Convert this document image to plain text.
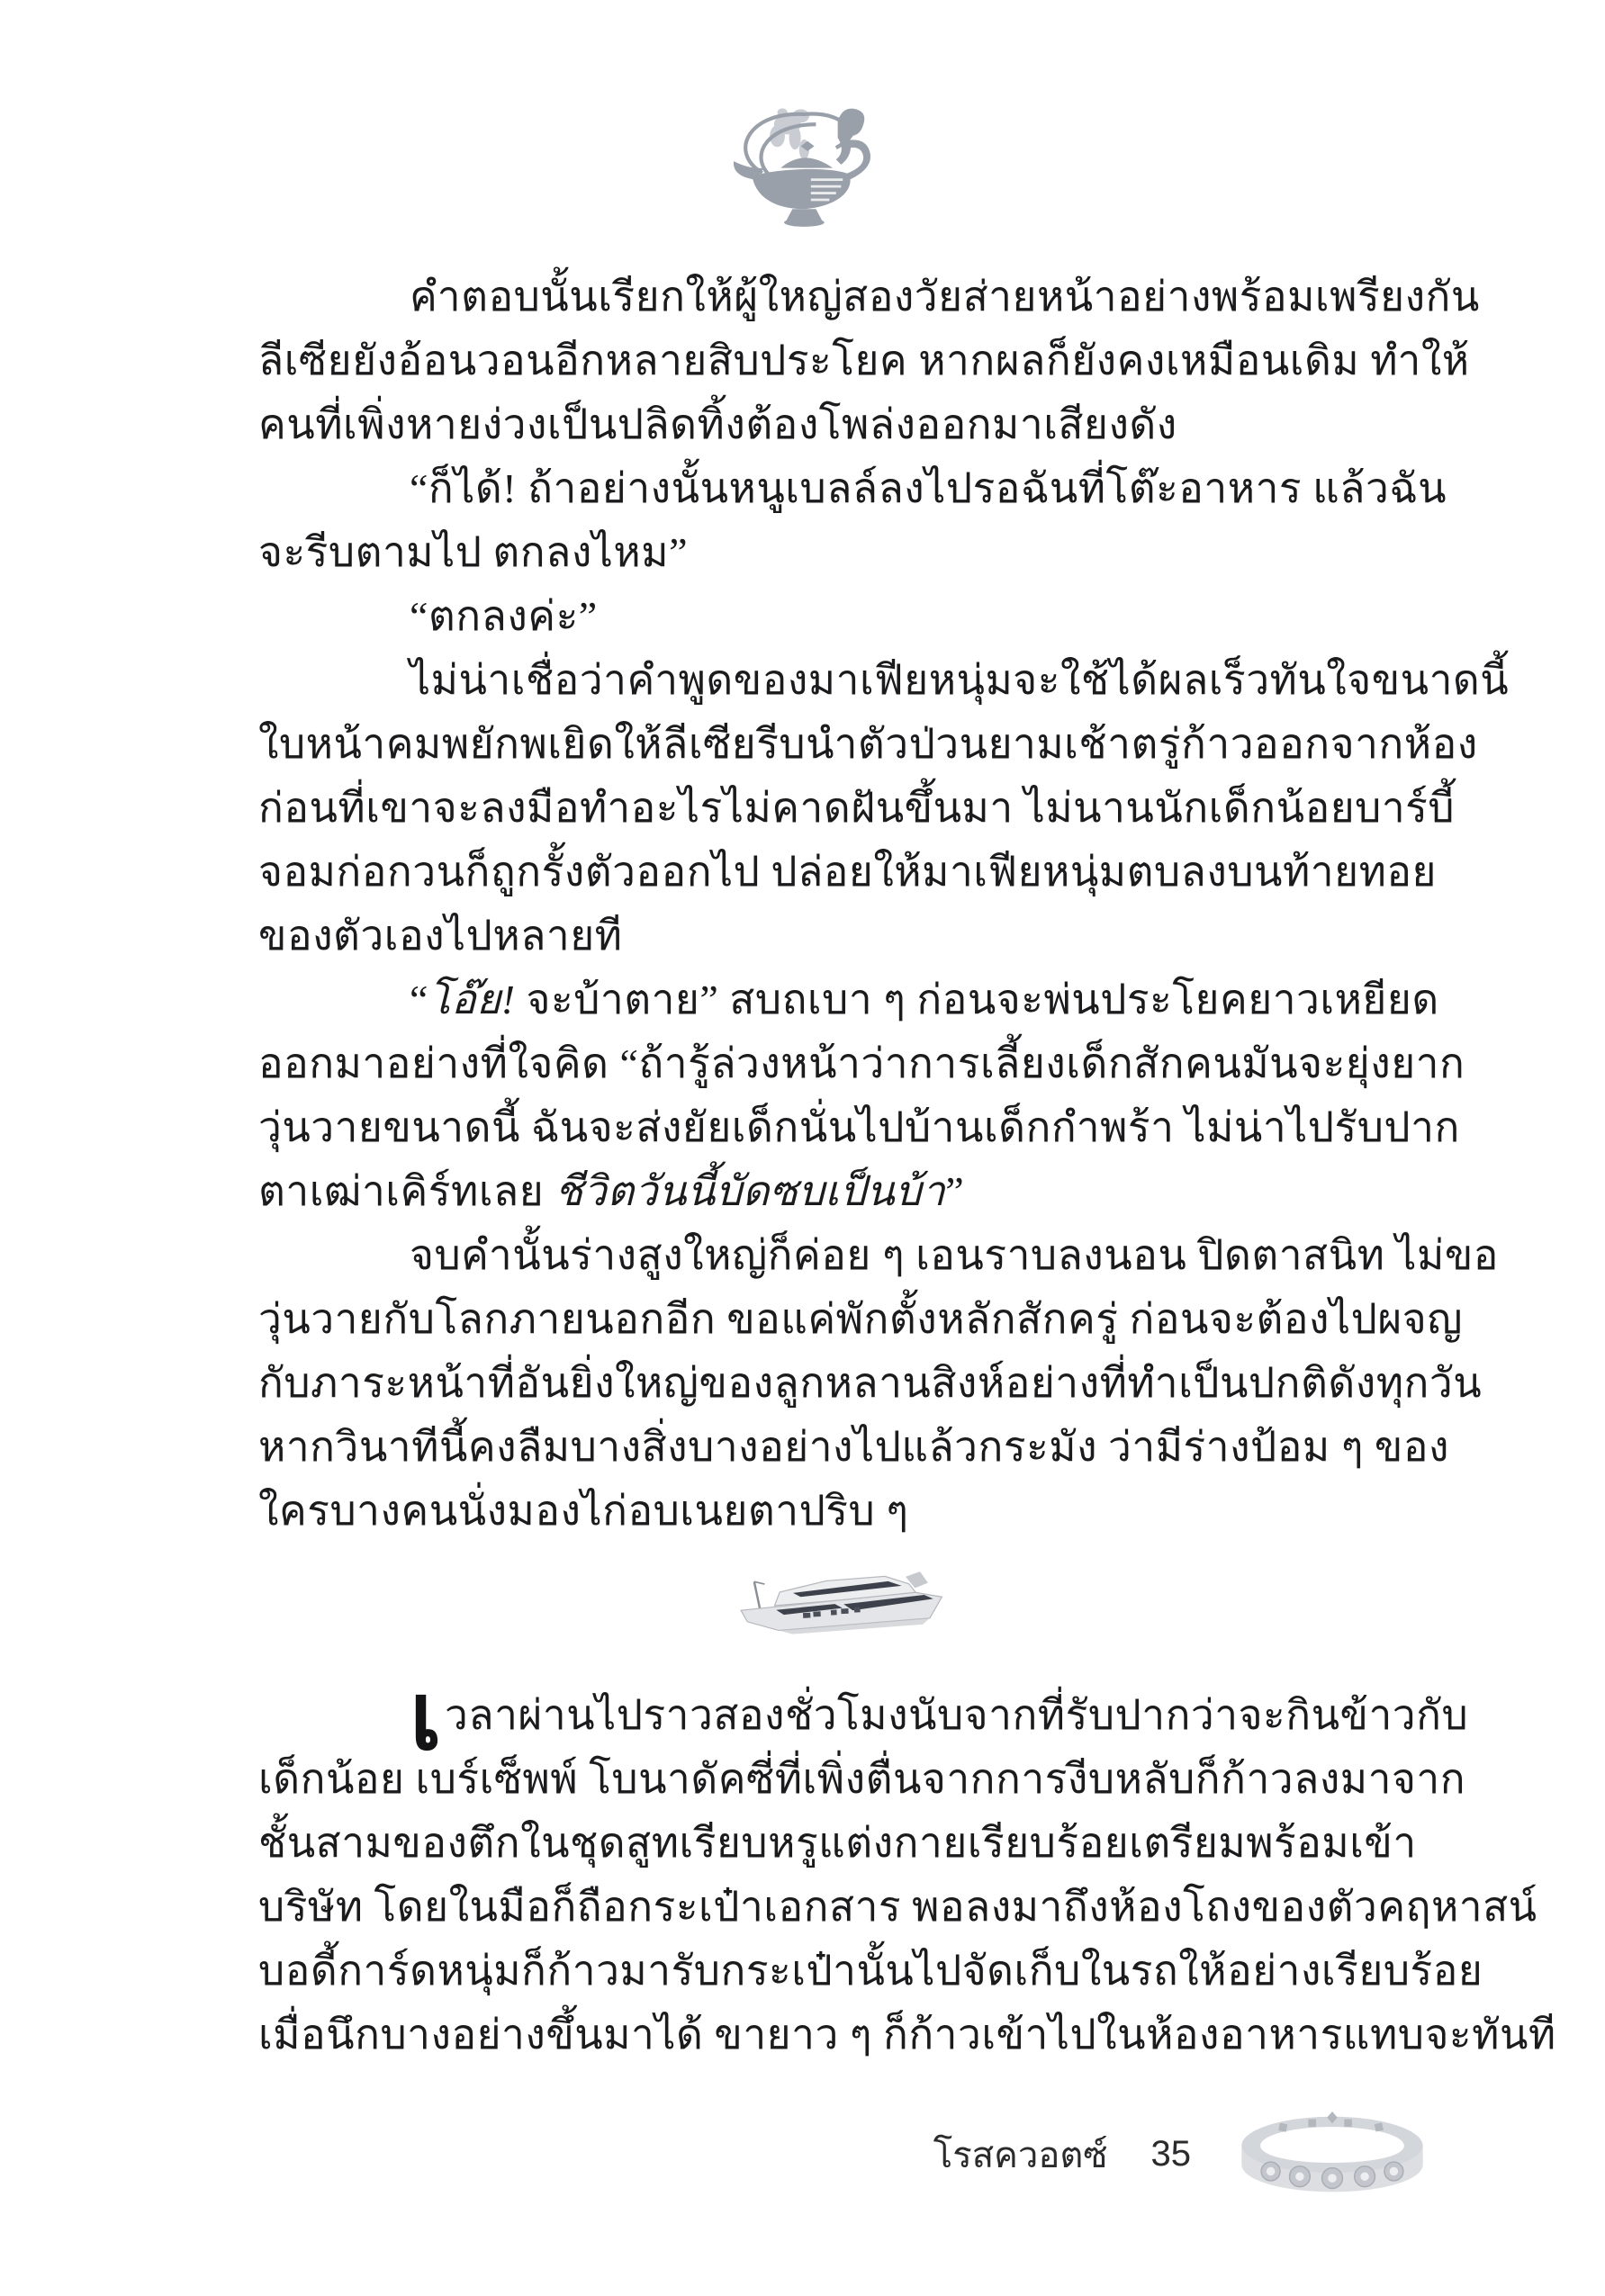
คำตอบนั้นเรียกให้ผู้ใหญ่สองวัยส่ายหน้าอย่างพร้อมเพรียงกัน
ลีเซียยังอ้อนวอนอีกหลายสิบประโยค หากผลก็ยังคงเหมือนเดิม ทำให้
คนที่เพิ่งหายง่วงเป็นปลิดทิ้งต้องโพล่งออกมาเสียงดัง
“ก็ได้! ถ้าอย่างนั้นหนูเบลล์ลงไปรอฉันที่โต๊ะอาหาร แล้วฉัน
จะรีบตามไป ตกลงไหม”
“ตกลงค่ะ”
ไม่น่าเชื่อว่าคำพูดของมาเฟียหนุ่มจะใช้ได้ผลเร็วทันใจขนาดนี้
ใบหน้าคมพยักพเยิดให้ลีเซียรีบนำตัวป่วนยามเช้าตรู่ก้าวออกจากห้อง
ก่อนที่เขาจะลงมือทำอะไรไม่คาดฝันขึ้นมา ไม่นานนักเด็กน้อยบาร์บี้
จอมก่อกวนก็ถูกรั้งตัวออกไป ปล่อยให้มาเฟียหนุ่มตบลงบนท้ายทอย
ของตัวเองไปหลายที
“โอ๊ย! จะบ้าตาย” สบถเบา ๆ ก่อนจะพ่นประโยคยาวเหยียด
ออกมาอย่างที่ใจคิด “ถ้ารู้ล่วงหน้าว่าการเลี้ยงเด็กสักคนมันจะยุ่งยาก
วุ่นวายขนาดนี้ ฉันจะส่งยัยเด็กนั่นไปบ้านเด็กกำพร้า ไม่น่าไปรับปาก
ตาเฒ่าเคิร์ทเลย ชีวิตวันนี้บัดซบเป็นบ้า”
จบคำนั้นร่างสูงใหญ่ก็ค่อย ๆ เอนราบลงนอน ปิดตาสนิท ไม่ขอ
วุ่นวายกับโลกภายนอกอีก ขอแค่พักตั้งหลักสักครู่ ก่อนจะต้องไปผจญ
กับภาระหน้าที่อันยิ่งใหญ่ของลูกหลานสิงห์อย่างที่ทำเป็นปกติดังทุกวัน
หากวินาทีนี้คงลืมบางสิ่งบางอย่างไปแล้วกระมัง ว่ามีร่างป้อม ๆ ของ
ใครบางคนนั่งมองไก่อบเนยตาปริบ ๆ
เวลาผ่านไปราวสองชั่วโมงนับจากที่รับปากว่าจะกินข้าวกับ
เด็กน้อย เบร์เซ็พพ์ โบนาดัคซี่ที่เพิ่งตื่นจากการงีบหลับก็ก้าวลงมาจาก
ชั้นสามของตึกในชุดสูทเรียบหรูแต่งกายเรียบร้อยเตรียมพร้อมเข้า
บริษัท โดยในมือก็ถือกระเป๋าเอกสาร พอลงมาถึงห้องโถงของตัวคฤหาสน์
บอดี้การ์ดหนุ่มก็ก้าวมารับกระเป๋านั้นไปจัดเก็บในรถให้อย่างเรียบร้อย
เมื่อนึกบางอย่างขึ้นมาได้ ขายาว ๆ ก็ก้าวเข้าไปในห้องอาหารแทบจะทันที
โรสควอตซ์ 35
